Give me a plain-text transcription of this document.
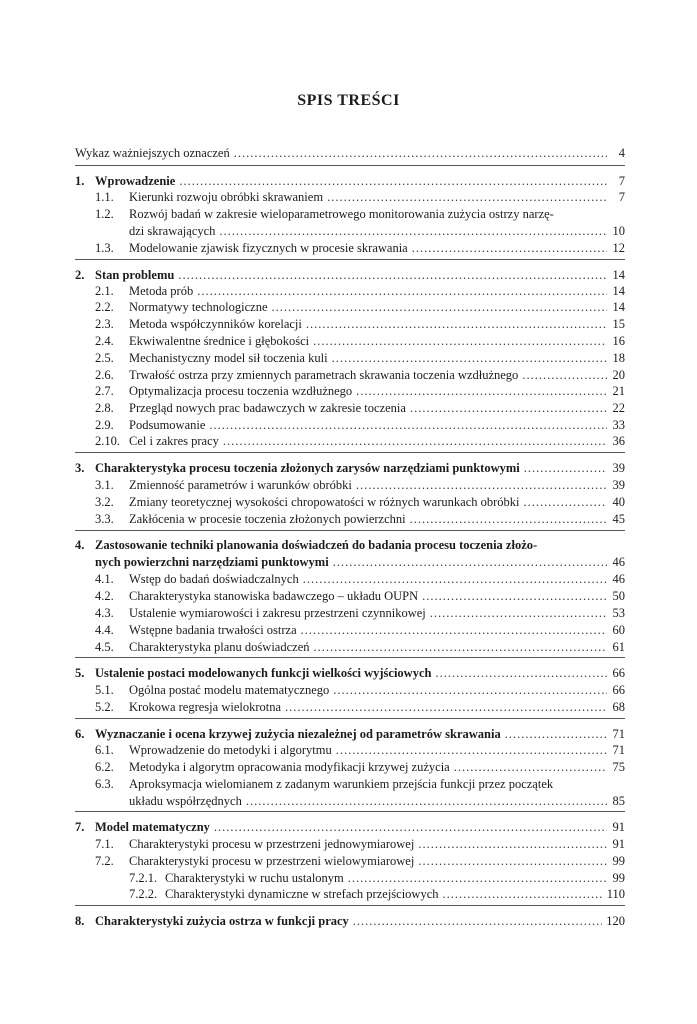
SPIS TREŚCI
Wykaz ważniejszych oznaczeń .....	4
1. Wprowadzenie .....	7
1.1. Kierunki rozwoju obróbki skrawaniem .....	7
1.2. Rozwój badań w zakresie wieloparametrowego monitorowania zużycia ostrzy narzę-
dzi skrawających .....	10
1.3. Modelowanie zjawisk fizycznych w procesie skrawania .....	12
2. Stan problemu .....	14
2.1. Metoda prób .....	14
2.2. Normatywy technologiczne .....	14
2.3. Metoda współczynników korelacji .....	15
2.4. Ekwiwalentne średnice i głębokości .....	16
2.5. Mechanistyczny model sił toczenia kuli .....	18
2.6. Trwałość ostrza przy zmiennych parametrach skrawania toczenia wzdłużnego .....	20
2.7. Optymalizacja procesu toczenia wzdłużnego .....	21
2.8. Przegląd nowych prac badawczych w zakresie toczenia .....	22
2.9. Podsumowanie .....	33
2.10. Cel i zakres pracy .....	36
3. Charakterystyka procesu toczenia złożonych zarysów narzędziami punktowymi .....	39
3.1. Zmienność parametrów i warunków obróbki .....	39
3.2. Zmiany teoretycznej wysokości chropowatości w różnych warunkach obróbki .....	40
3.3. Zakłócenia w procesie toczenia złożonych powierzchni .....	45
4. Zastosowanie techniki planowania doświadczeń do badania procesu toczenia złożo-
nych powierzchni narzędziami punktowymi .....	46
4.1. Wstęp do badań doświadczalnych .....	46
4.2. Charakterystyka stanowiska badawczego – układu OUPN .....	50
4.3. Ustalenie wymiarowości i zakresu przestrzeni czynnikowej .....	53
4.4. Wstępne badania trwałości ostrza .....	60
4.5. Charakterystyka planu doświadczeń .....	61
5. Ustalenie postaci modelowanych funkcji wielkości wyjściowych .....	66
5.1. Ogólna postać modelu matematycznego .....	66
5.2. Krokowa regresja wielokrotna .....	68
6. Wyznaczanie i ocena krzywej zużycia niezależnej od parametrów skrawania .....	71
6.1. Wprowadzenie do metodyki i algorytmu .....	71
6.2. Metodyka i algorytm opracowania modyfikacji krzywej zużycia .....	75
6.3. Aproksymacja wielomianem z zadanym warunkiem przejścia funkcji przez początek
układu współrzędnych .....	85
7. Model matematyczny .....	91
7.1. Charakterystyki procesu w przestrzeni jednowymiarowej .....	91
7.2. Charakterystyki procesu w przestrzeni wielowymiarowej .....	99
7.2.1. Charakterystyki w ruchu ustalonym .....	99
7.2.2. Charakterystyki dynamiczne w strefach przejściowych .....	110
8. Charakterystyki zużycia ostrza w funkcji pracy .....	120
